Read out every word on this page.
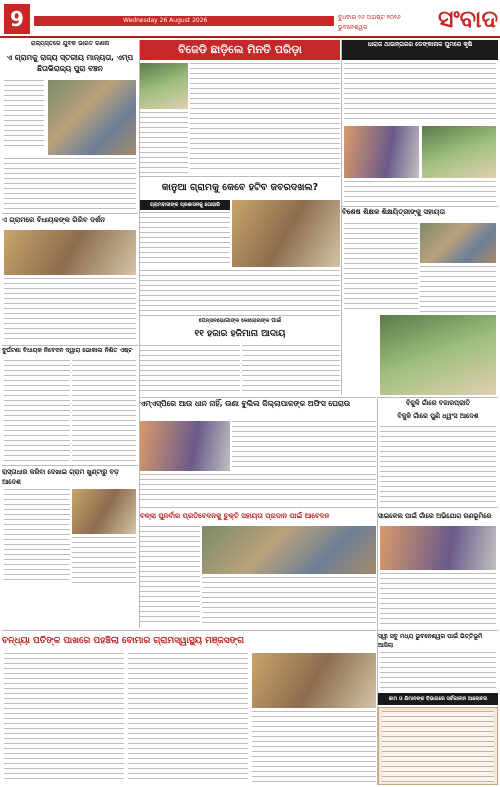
9	Bhubaneswar
Wednesday 26 August 2026	ବୁଧବାର ୨୬ ଅଗଷ୍ଟ ୨୦୨୬
ଭୁବନେଶ୍ୱର	ସଂବାଦ
ରାଜ୍ୟସ୍ତରେ ଯୁବକ ଭାରତ ଗଣନା
ଏ ଗ୍ରାମକୁ ରାଜ୍ୟ ସ୍ତରୀୟ ମାନ୍ୟତା, ଏମ୍ପ ଛିତାଭିରାଜ୍ୟ ପୁରା ବଞ୍ଚନ
ଏ ଗ୍ରାମରେ ବିଧାୟକଙ୍କ ଗିରିବ ଦର୍ଶନ
ଦୁର୍ଘଟଣା ବିଧାୟକ ନିବେଦନ ଦ୍ୱାରା ଭୋକାଲ ନିଶିତ ଏଷ୍ଟ
ବିଜେଡି ଛାଡ଼ିଲେ ମିନତି ପରିଡ଼ା	ଧାରାଜ ଥାଉନ୍ତାରର ଡେଙ୍କାନାଳ ଘୁମରେ କୃଷି
କାନୁଆ ଗ୍ରାମକୁ କେବେ ହଟିବ ଜବରଦଖଲ?
ଗ୍ରାମବାସୀଙ୍କ ପ୍ରଶାସନକୁ ଗୋହାରି
ବିଶେଷ ଶିକ୍ଷକ ଶିକ୍ଷୟିତ୍ରୀଙ୍କୁ ସହାୟତା
ପେନ୍‌ସନଭୋଗୀଙ୍କ କୋରୋନାଙ୍କ ପାଇଁ
୧୧ ହଜାର ହଜିମାନା ଆଦାୟ
ଏମ୍‌ଏସ୍‌ପିରେ ଆଉ ଧାନ ନାହିଁ, ଉଣା ବୁଲିଲ ଜିଲ୍ଲାପାଳଙ୍କ ଅଫିସ ଘେରାଉ	ବିଜୁଳି ଗାଁରେ ବଜାରପ୍ରୀତି
ବିଜୁଳି ଗାଁରେ ପୁଣି ଧ୍ୱଂସ ଆଦେଶ
ରାସ୍ତାଧାର କରିବା ଦେଖାଇ ଗ୍ରାମ ଖୁଣ୍ଟାରୁ ବଡ଼ ଆଦେଶ
ବଳ୍ଲା ପୁନର୍ବାର ପ୍ରତିବେଦନକୁ ଚୁକ୍ତି ସହାୟତା ପ୍ରଦାନ ପାଇଁ ଆବେଦନ	ସାଇକେଲ ପାଇଁ ଗାଁରେ ଅଭିଯୋଗ ରଣଭୂମିରେ
ବନ୍ଧ୍ୟା ପତିଙ୍କ ପାଖରେ ପହଞ୍ଚିଲା ବୋମାର ଗ୍ରାମସ୍ୱାସ୍ଥ୍ୟ ମଞ୍ଜସଙ୍ଗ	ସ୍ୱୀ ସବୁ ମଧ୍ୟ ଭୁବନେଶ୍ୱର ପାଇଁ ଭିତ୍ତିଭୂମି ଆସିଲା
କାମ ଓ ଯିମାନଙ୍କ ବିଭାଗରେ ସର୍ବକାଳୀନ ଆଲୋଚନା
